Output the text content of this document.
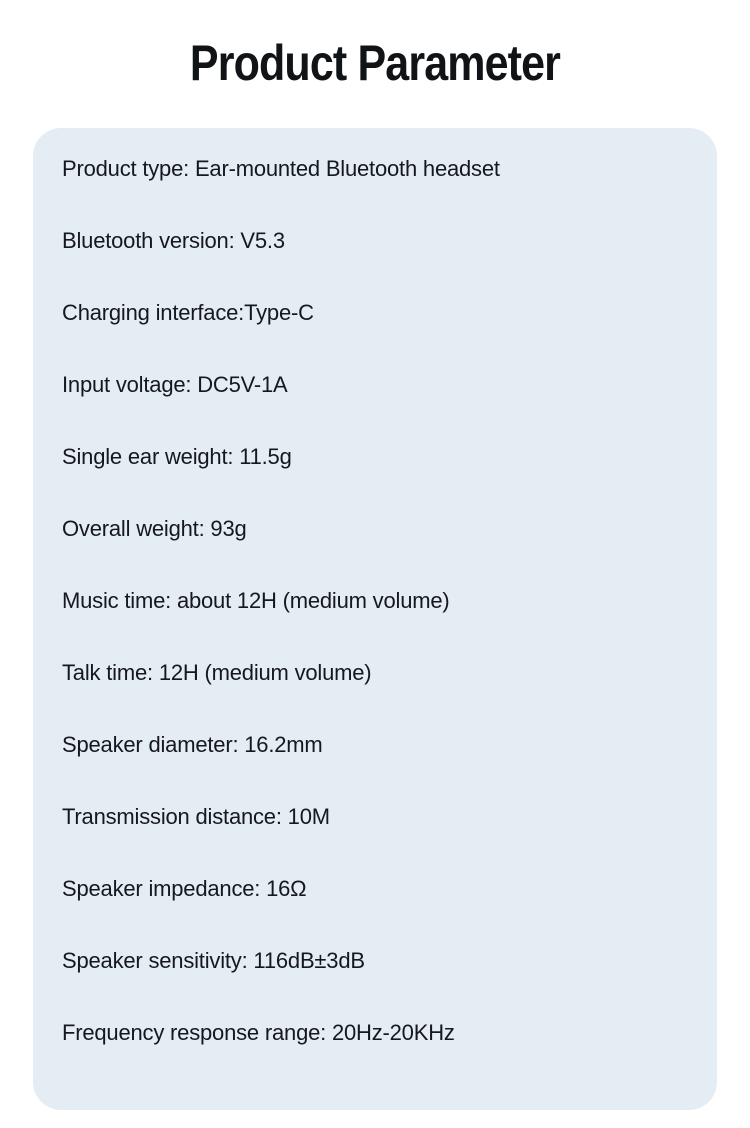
Product Parameter
Product type: Ear-mounted Bluetooth headset
Bluetooth version: V5.3
Charging interface:Type-C
Input voltage: DC5V-1A
Single ear weight: 11.5g
Overall weight: 93g
Music time: about 12H (medium volume)
Talk time: 12H (medium volume)
Speaker diameter: 16.2mm
Transmission distance: 10M
Speaker impedance: 16Ω
Speaker sensitivity: 116dB±3dB
Frequency response range: 20Hz-20KHz
